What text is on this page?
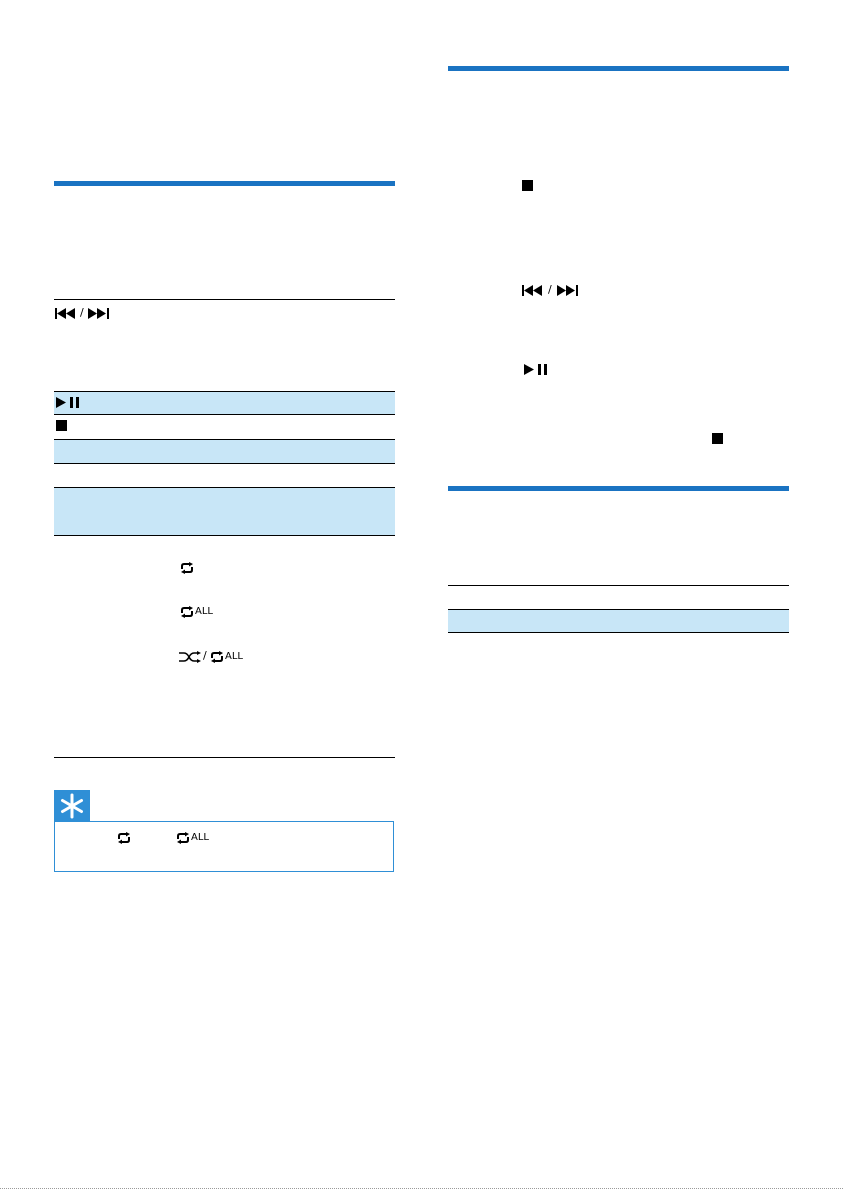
/
ALL
/ ALL
ALL
/
